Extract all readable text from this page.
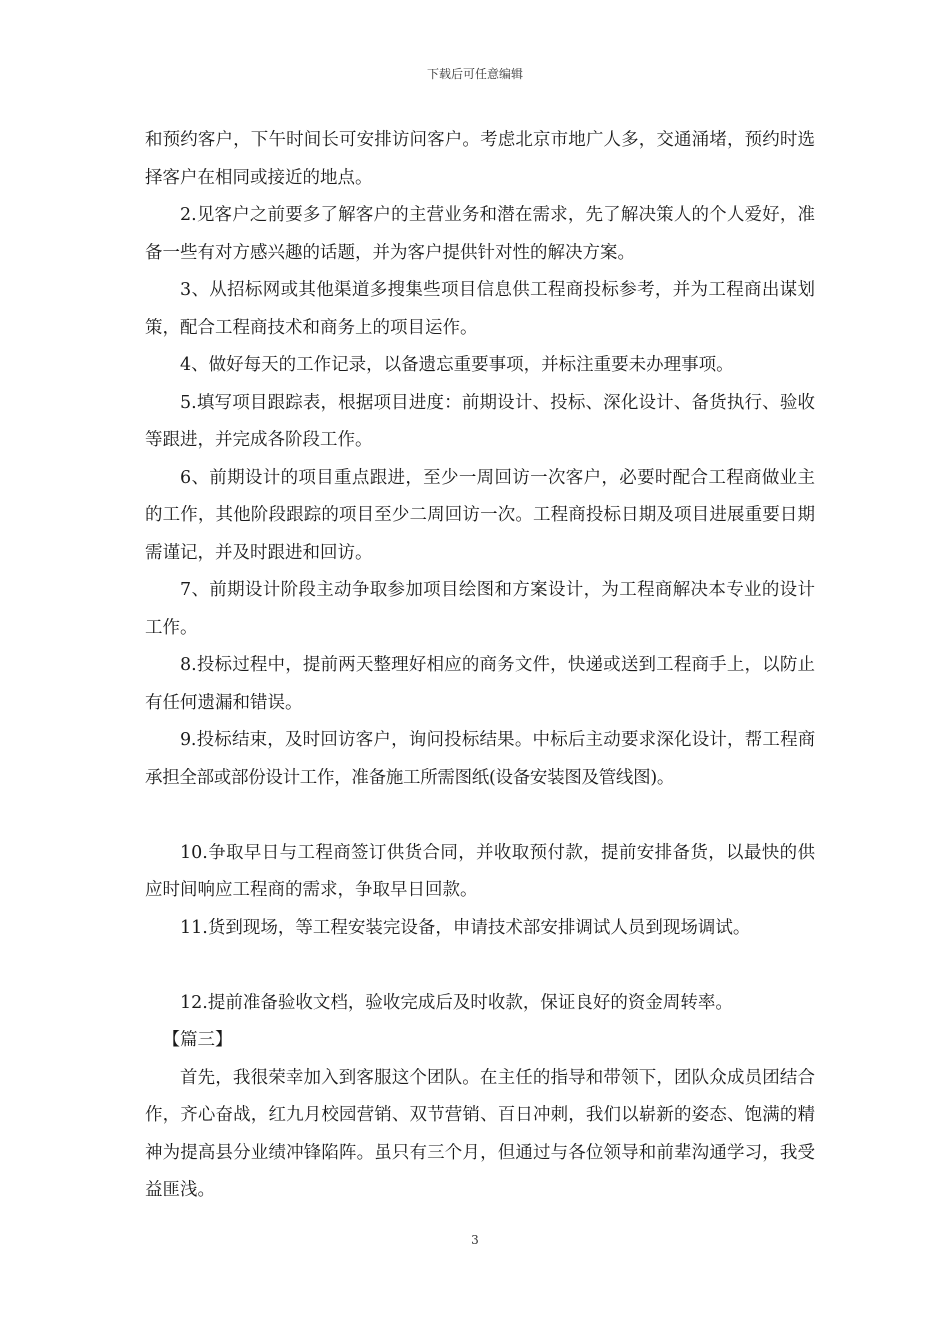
下载后可任意编辑

和预约客户，下午时间长可安排访问客户。考虑北京市地广人多，交通涌堵，预约时选择客户在相同或接近的地点。

2.见客户之前要多了解客户的主营业务和潜在需求，先了解决策人的个人爱好，准备一些有对方感兴趣的话题，并为客户提供针对性的解决方案。

3、从招标网或其他渠道多搜集些项目信息供工程商投标参考，并为工程商出谋划策，配合工程商技术和商务上的项目运作。

4、做好每天的工作记录，以备遗忘重要事项，并标注重要未办理事项。

5.填写项目跟踪表，根据项目进度：前期设计、投标、深化设计、备货执行、验收等跟进，并完成各阶段工作。

6、前期设计的项目重点跟进，至少一周回访一次客户，必要时配合工程商做业主的工作，其他阶段跟踪的项目至少二周回访一次。工程商投标日期及项目进展重要日期需谨记，并及时跟进和回访。

7、前期设计阶段主动争取参加项目绘图和方案设计，为工程商解决本专业的设计工作。

8.投标过程中，提前两天整理好相应的商务文件，快递或送到工程商手上，以防止有任何遗漏和错误。

9.投标结束，及时回访客户，询问投标结果。中标后主动要求深化设计，帮工程商承担全部或部份设计工作，准备施工所需图纸(设备安装图及管线图)。

10.争取早日与工程商签订供货合同，并收取预付款，提前安排备货，以最快的供应时间响应工程商的需求，争取早日回款。

11.货到现场，等工程安装完设备，申请技术部安排调试人员到现场调试。

12.提前准备验收文档，验收完成后及时收款，保证良好的资金周转率。

【篇三】

首先，我很荣幸加入到客服这个团队。在主任的指导和带领下，团队众成员团结合作，齐心奋战，红九月校园营销、双节营销、百日冲刺，我们以崭新的姿态、饱满的精神为提高县分业绩冲锋陷阵。虽只有三个月，但通过与各位领导和前辈沟通学习，我受益匪浅。

3
